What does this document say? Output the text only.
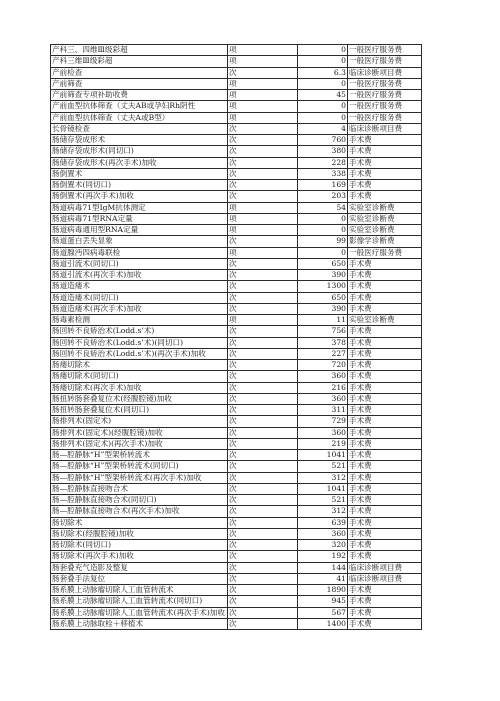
产科三、四维Ⅲ级彩超	项	0	一般医疗服务费
产科三维Ⅲ级彩超	项	0	一般医疗服务费
产前检查	次	6.3	临床诊断项目费
产前筛查	项	0	一般医疗服务费
产前筛查专项补助收费	项	45	一般医疗服务费
产前血型抗体筛查（丈夫AB或孕妇Rh阴性	项	0	一般医疗服务费
产前血型抗体筛查（丈夫A或B型）	项	0	一般医疗服务费
长骨镜检查	次	4	临床诊断项目费
肠储存袋成形术	次	760	手术费
肠储存袋成形术(同切口)	次	380	手术费
肠储存袋成形术(再次手术)加收	次	228	手术费
肠倒置术	次	338	手术费
肠倒置术(同切口)	次	169	手术费
肠倒置术(再次手术)加收	次	203	手术费
肠道病毒71型IgM抗体测定	项	54	实验室诊断费
肠道病毒71型RNA定量	项	0	实验室诊断费
肠道病毒通用型RNA定量	项	0	实验室诊断费
肠道蛋白丢失显象	次	99	影像学诊断费
肠道腺沔四病毒联检	项	0	一般医疗服务费
肠道引流术(同切口)	次	650	手术费
肠道引流术(再次手术)加收	次	390	手术费
肠道造瘘术	次	1300	手术费
肠道造瘘术(同切口)	次	650	手术费
肠道造瘘术(再次手术)加收	次	390	手术费
肠毒素检测	项	11	实验室诊断费
肠回转不良矫治术(Lodd.s’术)	次	756	手术费
肠回转不良矫治术(Lodd.s’术)(同切口)	次	378	手术费
肠回转不良矫治术(Lodd.s’术)(再次手术)加收	次	227	手术费
肠瘘切除术	次	720	手术费
肠瘘切除术(同切口)	次	360	手术费
肠瘘切除术(再次手术)加收	次	216	手术费
肠扭转肠套叠复位术(经腹腔镜)加收	次	360	手术费
肠扭转肠套叠复位术(同切口)	次	311	手术费
肠排列术(固定术)	次	729	手术费
肠排列术(固定术)(经腹腔镜)加收	次	360	手术费
肠排列术(固定术)(再次手术)加收	次	219	手术费
肠—腔静脉“H”型架桥转流术	次	1041	手术费
肠—腔静脉“H”型架桥转流术(同切口)	次	521	手术费
肠—腔静脉“H”型架桥转流术(再次手术)加收	次	312	手术费
肠—腔静脉直接吻合术	次	1041	手术费
肠—腔静脉直接吻合术(同切口)	次	521	手术费
肠—腔静脉直接吻合术(再次手术)加收	次	312	手术费
肠切除术	次	639	手术费
肠切除术(经腹腔镜)加收	次	360	手术费
肠切除术(同切口)	次	320	手术费
肠切除术(再次手术)加收	次	192	手术费
肠套叠充气造影及整复	次	144	临床诊断项目费
肠套叠手法复位	次	41	临床诊断项目费
肠系膜上动脉瘤切除人工血管转流术	次	1890	手术费
肠系膜上动脉瘤切除人工血管转流术(同切口)	次	945	手术费
肠系膜上动脉瘤切除人工血管转流术(再次手术)加收	次	567	手术费
肠系膜上动脉取栓＋移植术	次	1400	手术费
